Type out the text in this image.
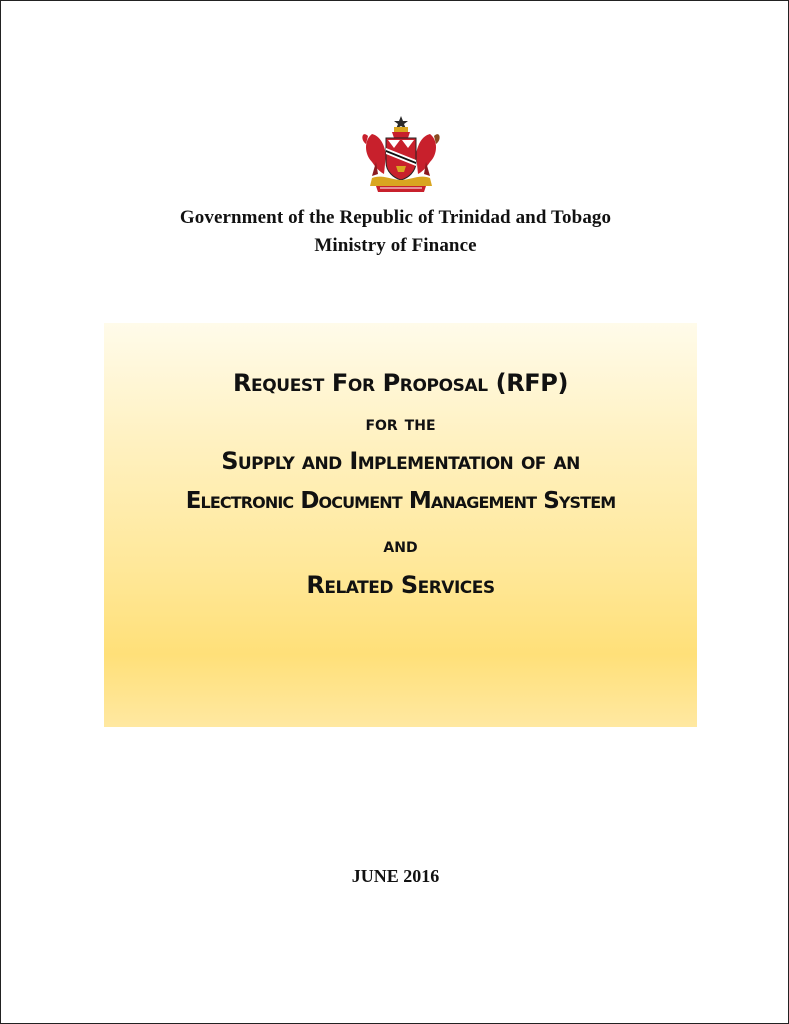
Government of the Republic of Trinidad and Tobago
Ministry of Finance
Request For Proposal (RFP)
for the
Supply and Implementation of an
Electronic Document Management System
and
Related Services
JUNE 2016
